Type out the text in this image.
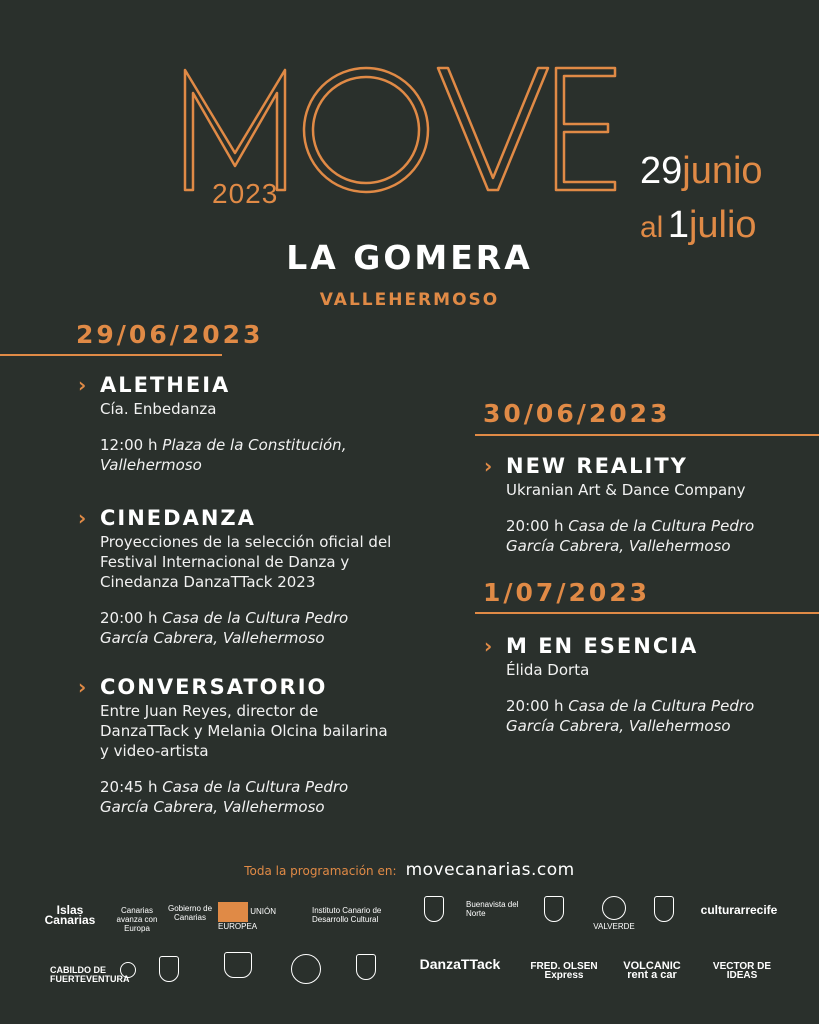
2023
29junio
al 1julio
LA GOMERA
VALLEHERMOSO
29/06/2023
› ALETHEIA
Cía. Enbedanza
12:00 h Plaza de la Constitución, Vallehermoso
› CINEDANZA
Proyecciones de la selección oficial del Festival Internacional de Danza y Cinedanza DanzaTTack 2023
20:00 h Casa de la Cultura Pedro García Cabrera, Vallehermoso
› CONVERSATORIO
Entre Juan Reyes, director de DanzaTTack y Melania Olcina bailarina y video-artista
20:45 h Casa de la Cultura Pedro García Cabrera, Vallehermoso
30/06/2023
› NEW REALITY
Ukranian Art & Dance Company
20:00 h Casa de la Cultura Pedro García Cabrera, Vallehermoso
1/07/2023
› M EN ESENCIA
Élida Dorta
20:00 h Casa de la Cultura Pedro García Cabrera, Vallehermoso
Toda la programación en: movecanarias.com
Islas Canarias
Canarias avanza con Europa
Gobierno de Canarias
UNIÓN EUROPEA
Instituto Canario de Desarrollo Cultural
Buenavista del Norte

VALVERDE
culturarrecife
CABILDO DE FUERTEVENTURA
DanzaTTack	FRED. OLSEN Express
VOLCANIC rent a car
VECTOR DE IDEAS
